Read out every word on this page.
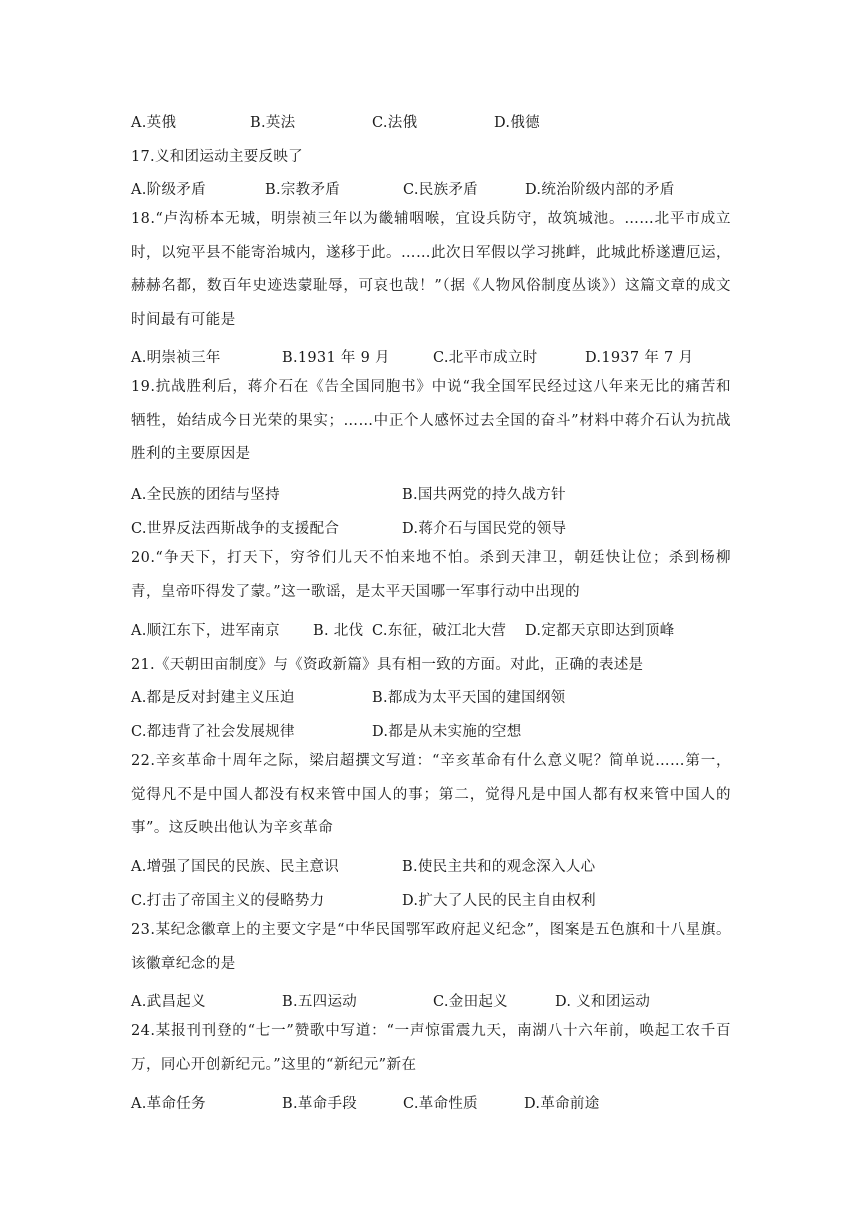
A.英俄	B.英法	C.法俄	D.俄德
17.义和团运动主要反映了
A.阶级矛盾	B.宗教矛盾	C.民族矛盾	D.统治阶级内部的矛盾
18.“卢沟桥本无城，明崇祯三年以为畿辅咽喉，宜设兵防守，故筑城池。……北平市成立时，以宛平县不能寄治城内，遂移于此。……此次日军假以学习挑衅，此城此桥遂遭厄运，赫赫名都，数百年史迹迭蒙耻辱，可哀也哉！”（据《人物风俗制度丛谈》）这篇文章的成文时间最有可能是
A.明崇祯三年	B.1931 年 9 月	C.北平市成立时	D.1937 年 7 月
19.抗战胜利后，蒋介石在《告全国同胞书》中说“我全国军民经过这八年来无比的痛苦和牺牲，始结成今日光荣的果实；……中正个人感怀过去全国的奋斗”材料中蒋介石认为抗战胜利的主要原因是
A.全民族的团结与坚持	B.国共两党的持久战方针
C.世界反法西斯战争的支援配合	D.蒋介石与国民党的领导
20.“争天下，打天下，穷爷们儿天不怕来地不怕。杀到天津卫，朝廷快让位；杀到杨柳青，皇帝吓得发了蒙。”这一歌谣，是太平天国哪一军事行动中出现的
A.顺江东下，进军南京 B. 北伐 C.东征，破江北大营 D.定都天京即达到顶峰
21.《天朝田亩制度》与《资政新篇》具有相一致的方面。对此，正确的表述是
A.都是反对封建主义压迫	B.都成为太平天国的建国纲领
C.都违背了社会发展规律	D.都是从未实施的空想
22.辛亥革命十周年之际，梁启超撰文写道：“辛亥革命有什么意义呢？简单说……第一，觉得凡不是中国人都没有权来管中国人的事；第二，觉得凡是中国人都有权来管中国人的事”。这反映出他认为辛亥革命
A.增强了国民的民族、民主意识	B.使民主共和的观念深入人心
C.打击了帝国主义的侵略势力	D.扩大了人民的民主自由权利
23.某纪念徽章上的主要文字是“中华民国鄂军政府起义纪念”，图案是五色旗和十八星旗。该徽章纪念的是
A.武昌起义	B.五四运动	C.金田起义	D. 义和团运动
24.某报刊刊登的“七一”赞歌中写道：“一声惊雷震九天，南湖八十六年前，唤起工农千百万，同心开创新纪元。”这里的“新纪元”新在
A.革命任务	B.革命手段	C.革命性质	D.革命前途
